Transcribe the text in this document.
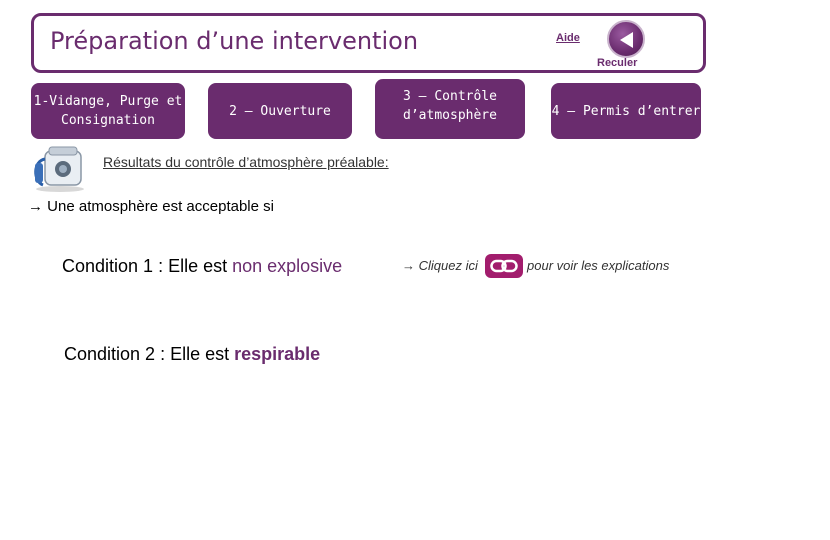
Préparation d’une intervention	Aide
Reculer
1-Vidange, Purge et Consignation
2 – Ouverture
3 – Contrôle d’atmosphère
4/9
4 – Permis d’entrer
Résultats du contrôle d’atmosphère préalable:
→ Une atmosphère est acceptable si
Condition 1 : Elle est non explosive	→ Cliquez ici	pour voir les explications
Condition 2 : Elle est respirable
